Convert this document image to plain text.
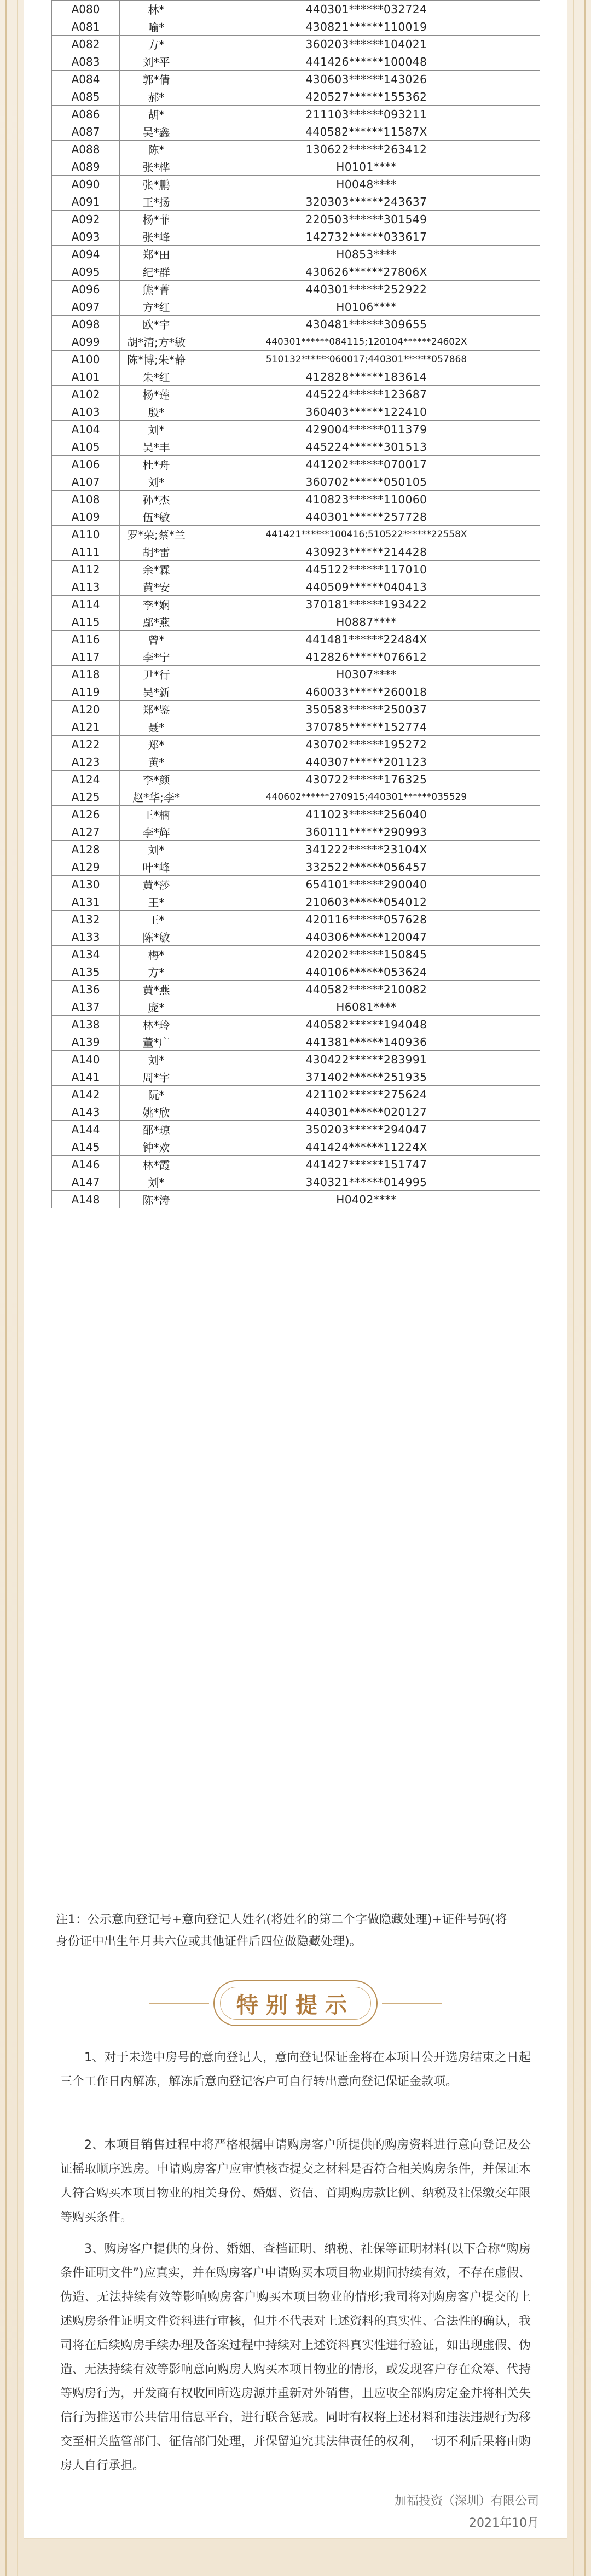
A080	林*	440301******032724
A081	喻*	430821******110019
A082	方*	360203******104021
A083	刘*平	441426******100048
A084	郭*倩	430603******143026
A085	郝*	420527******155362
A086	胡*	211103******093211
A087	吴*鑫	440582******11587X
A088	陈*	130622******263412
A089	张*桦	H0101****
A090	张*鹏	H0048****
A091	王*扬	320303******243637
A092	杨*菲	220503******301549
A093	张*峰	142732******033617
A094	郑*田	H0853****
A095	纪*群	430626******27806X
A096	熊*菁	440301******252922
A097	方*红	H0106****
A098	欧*宇	430481******309655
A099	胡*清;方*敏	440301******084115;120104******24602X
A100	陈*博;朱*静	510132******060017;440301******057868
A101	朱*红	412828******183614
A102	杨*莲	445224******123687
A103	殷*	360403******122410
A104	刘*	429004******011379
A105	吴*丰	445224******301513
A106	杜*舟	441202******070017
A107	刘*	360702******050105
A108	孙*杰	410823******110060
A109	伍*敏	440301******257728
A110	罗*荣;蔡*兰	441421******100416;510522******22558X
A111	胡*雷	430923******214428
A112	余*霖	445122******117010
A113	黄*安	440509******040413
A114	李*娴	370181******193422
A115	鄢*燕	H0887****
A116	曾*	441481******22484X
A117	李*宁	412826******076612
A118	尹*行	H0307****
A119	吴*新	460033******260018
A120	郑*鉴	350583******250037
A121	聂*	370785******152774
A122	郑*	430702******195272
A123	黄*	440307******201123
A124	李*颜	430722******176325
A125	赵*华;李*	440602******270915;440301******035529
A126	王*楠	411023******256040
A127	李*辉	360111******290993
A128	刘*	341222******23104X
A129	叶*峰	332522******056457
A130	黄*莎	654101******290040
A131	王*	210603******054012
A132	王*	420116******057628
A133	陈*敏	440306******120047
A134	梅*	420202******150845
A135	方*	440106******053624
A136	黄*燕	440582******210082
A137	庞*	H6081****
A138	林*玲	440582******194048
A139	董*广	441381******140936
A140	刘*	430422******283991
A141	周*宇	371402******251935
A142	阮*	421102******275624
A143	姚*欣	440301******020127
A144	邵*琼	350203******294047
A145	钟*欢	441424******11224X
A146	林*霞	441427******151747
A147	刘*	340321******014995
A148	陈*涛	H0402****
注1：公示意向登记号+意向登记人姓名(将姓名的第二个字做隐藏处理)+证件号码(将身份证中出生年月共六位或其他证件后四位做隐藏处理)。
特别提示

1、对于未选中房号的意向登记人，意向登记保证金将在本项目公开选房结束之日起三个工作日内解冻，解冻后意向登记客户可自行转出意向登记保证金款项。

2、本项目销售过程中将严格根据申请购房客户所提供的购房资料进行意向登记及公证摇取顺序选房。申请购房客户应审慎核查提交之材料是否符合相关购房条件，并保证本人符合购买本项目物业的相关身份、婚姻、资信、首期购房款比例、纳税及社保缴交年限等购买条件。

3、购房客户提供的身份、婚姻、查档证明、纳税、社保等证明材料(以下合称“购房条件证明文件”)应真实，并在购房客户申请购买本项目物业期间持续有效，不存在虚假、伪造、无法持续有效等影响购房客户购买本项目物业的情形;我司将对购房客户提交的上述购房条件证明文件资料进行审核，但并不代表对上述资料的真实性、合法性的确认，我司将在后续购房手续办理及备案过程中持续对上述资料真实性进行验证，如出现虚假、伪造、无法持续有效等影响意向购房人购买本项目物业的情形，或发现客户存在众筹、代持等购房行为，开发商有权收回所选房源并重新对外销售，且应收全部购房定金并将相关失信行为推送市公共信用信息平台，进行联合惩戒。同时有权将上述材料和违法违规行为移交至相关监管部门、征信部门处理，并保留追究其法律责任的权利，一切不利后果将由购房人自行承担。

加福投资（深圳）有限公司
2021年10月
